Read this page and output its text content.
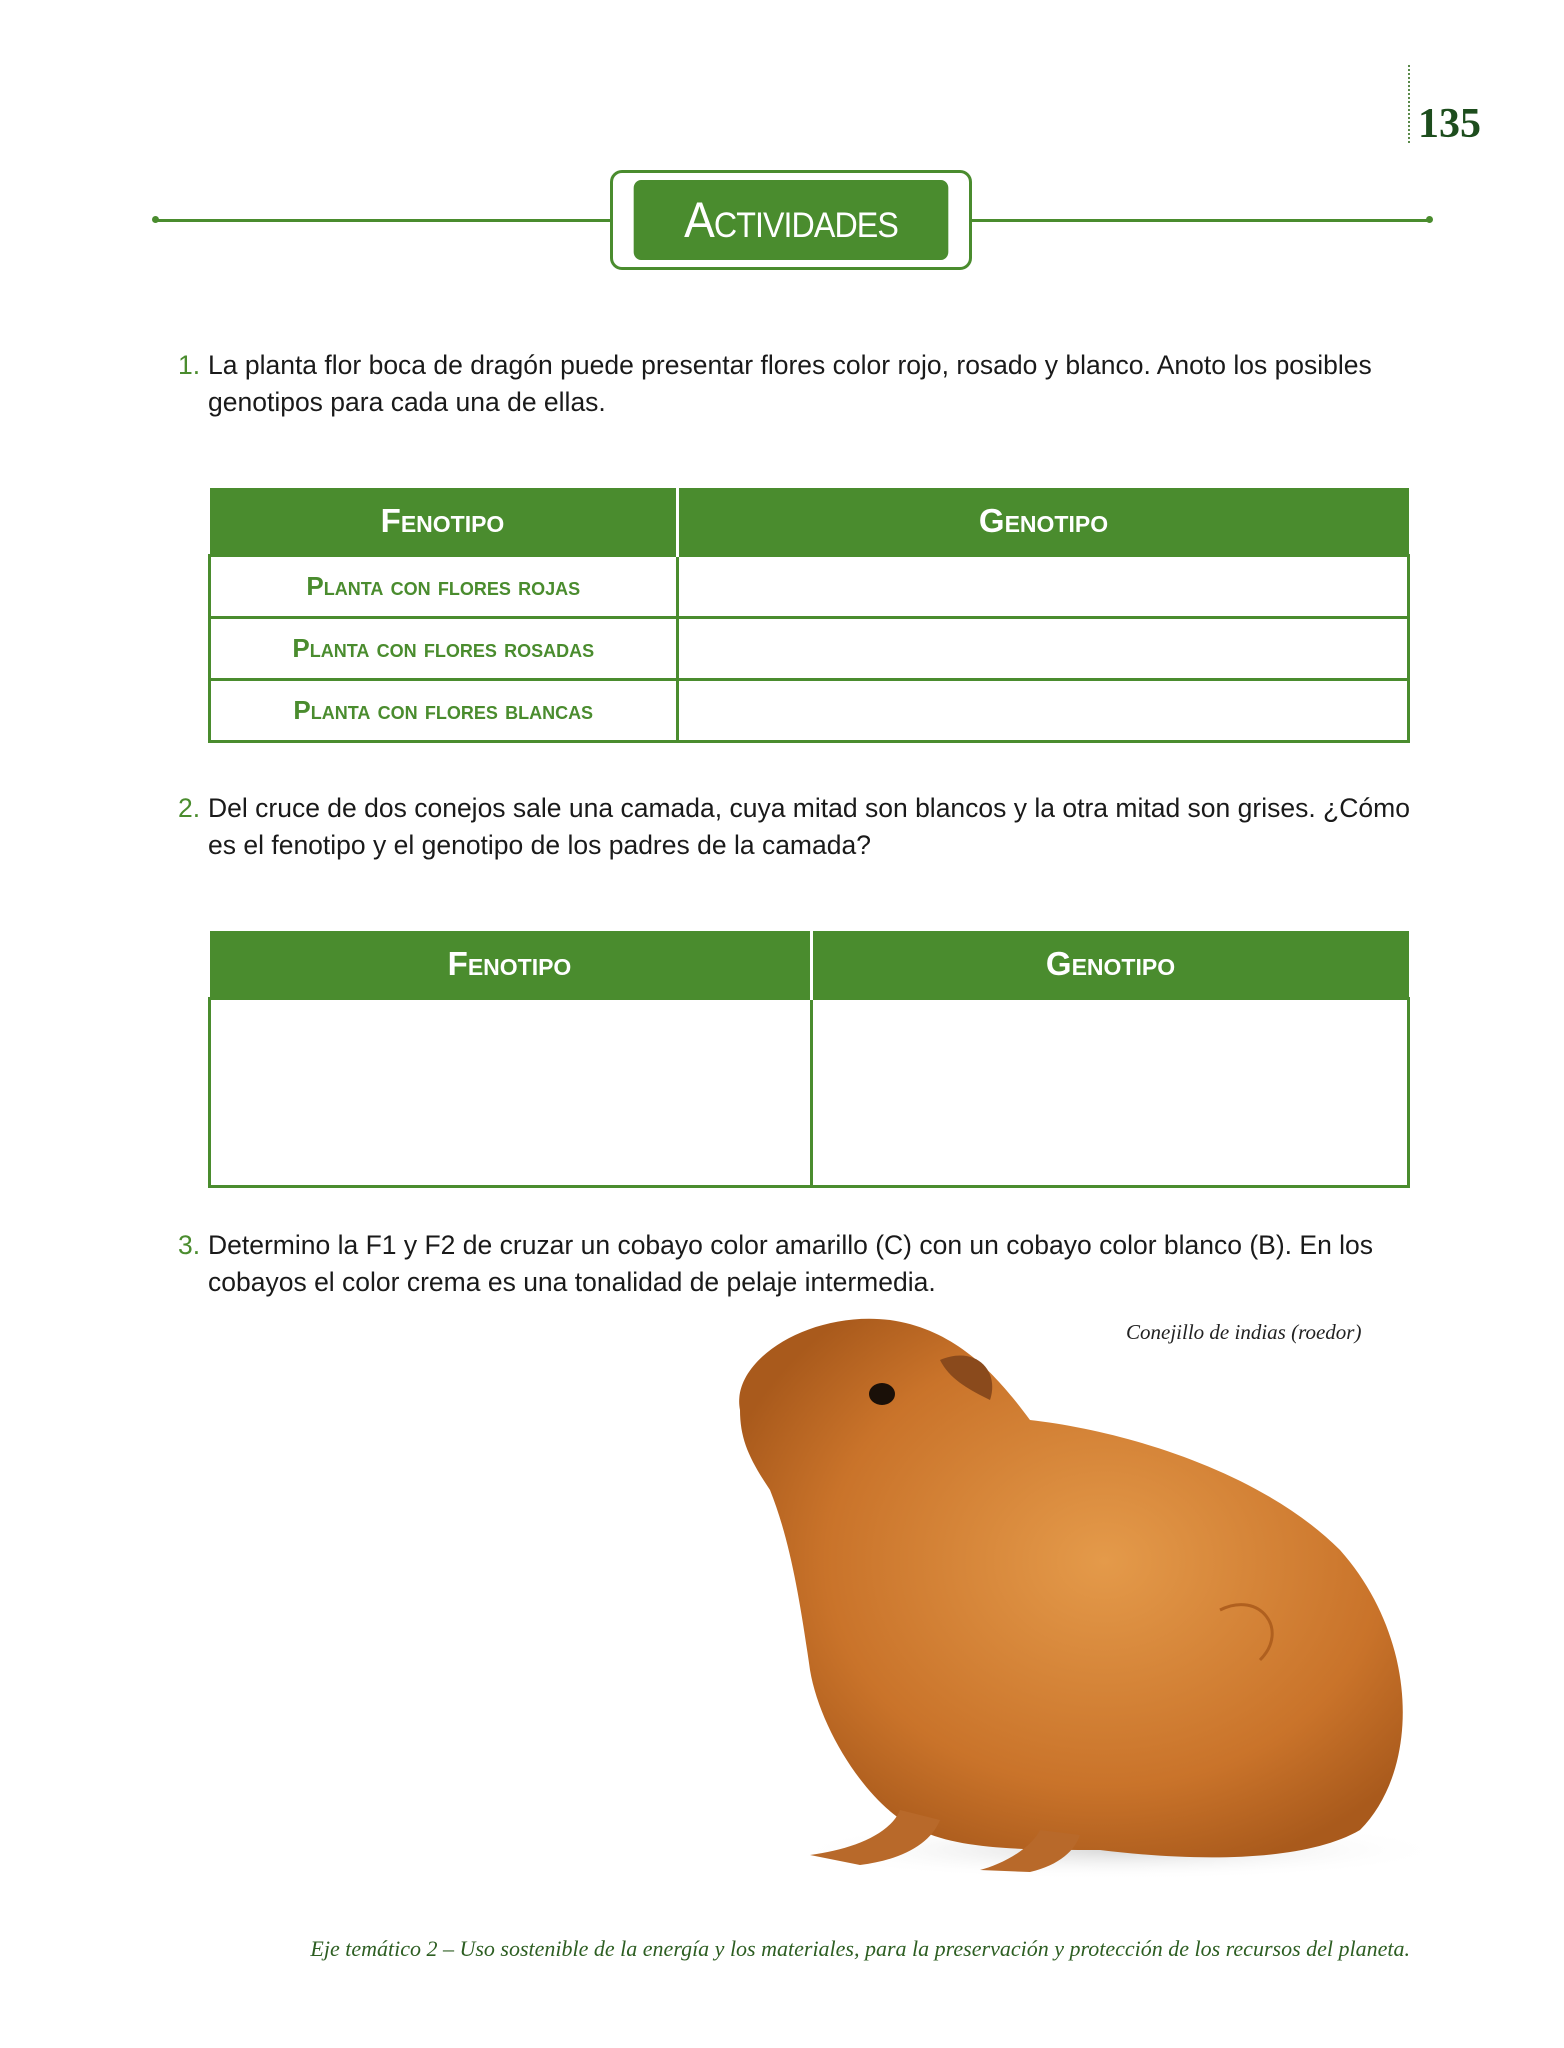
135
Actividades
1. La planta flor boca de dragón puede presentar flores color rojo, rosado y blanco. Anoto los posibles genotipos para cada una de ellas.
Fenotipo	Genotipo
Planta con flores rojas	
Planta con flores rosadas	
Planta con flores blancas	
2. Del cruce de dos conejos sale una camada, cuya mitad son blancos y la otra mitad son grises. ¿Cómo es el fenotipo y el genotipo de los padres de la camada?
Fenotipo	Genotipo

3. Determino la F1 y F2 de cruzar un cobayo color amarillo (C) con un cobayo color blanco (B). En los cobayos el color crema es una tonalidad de pelaje intermedia.
Conejillo de indias (roedor)
Eje temático 2 – Uso sostenible de la energía y los materiales, para la preservación y protección de los recursos del planeta.
